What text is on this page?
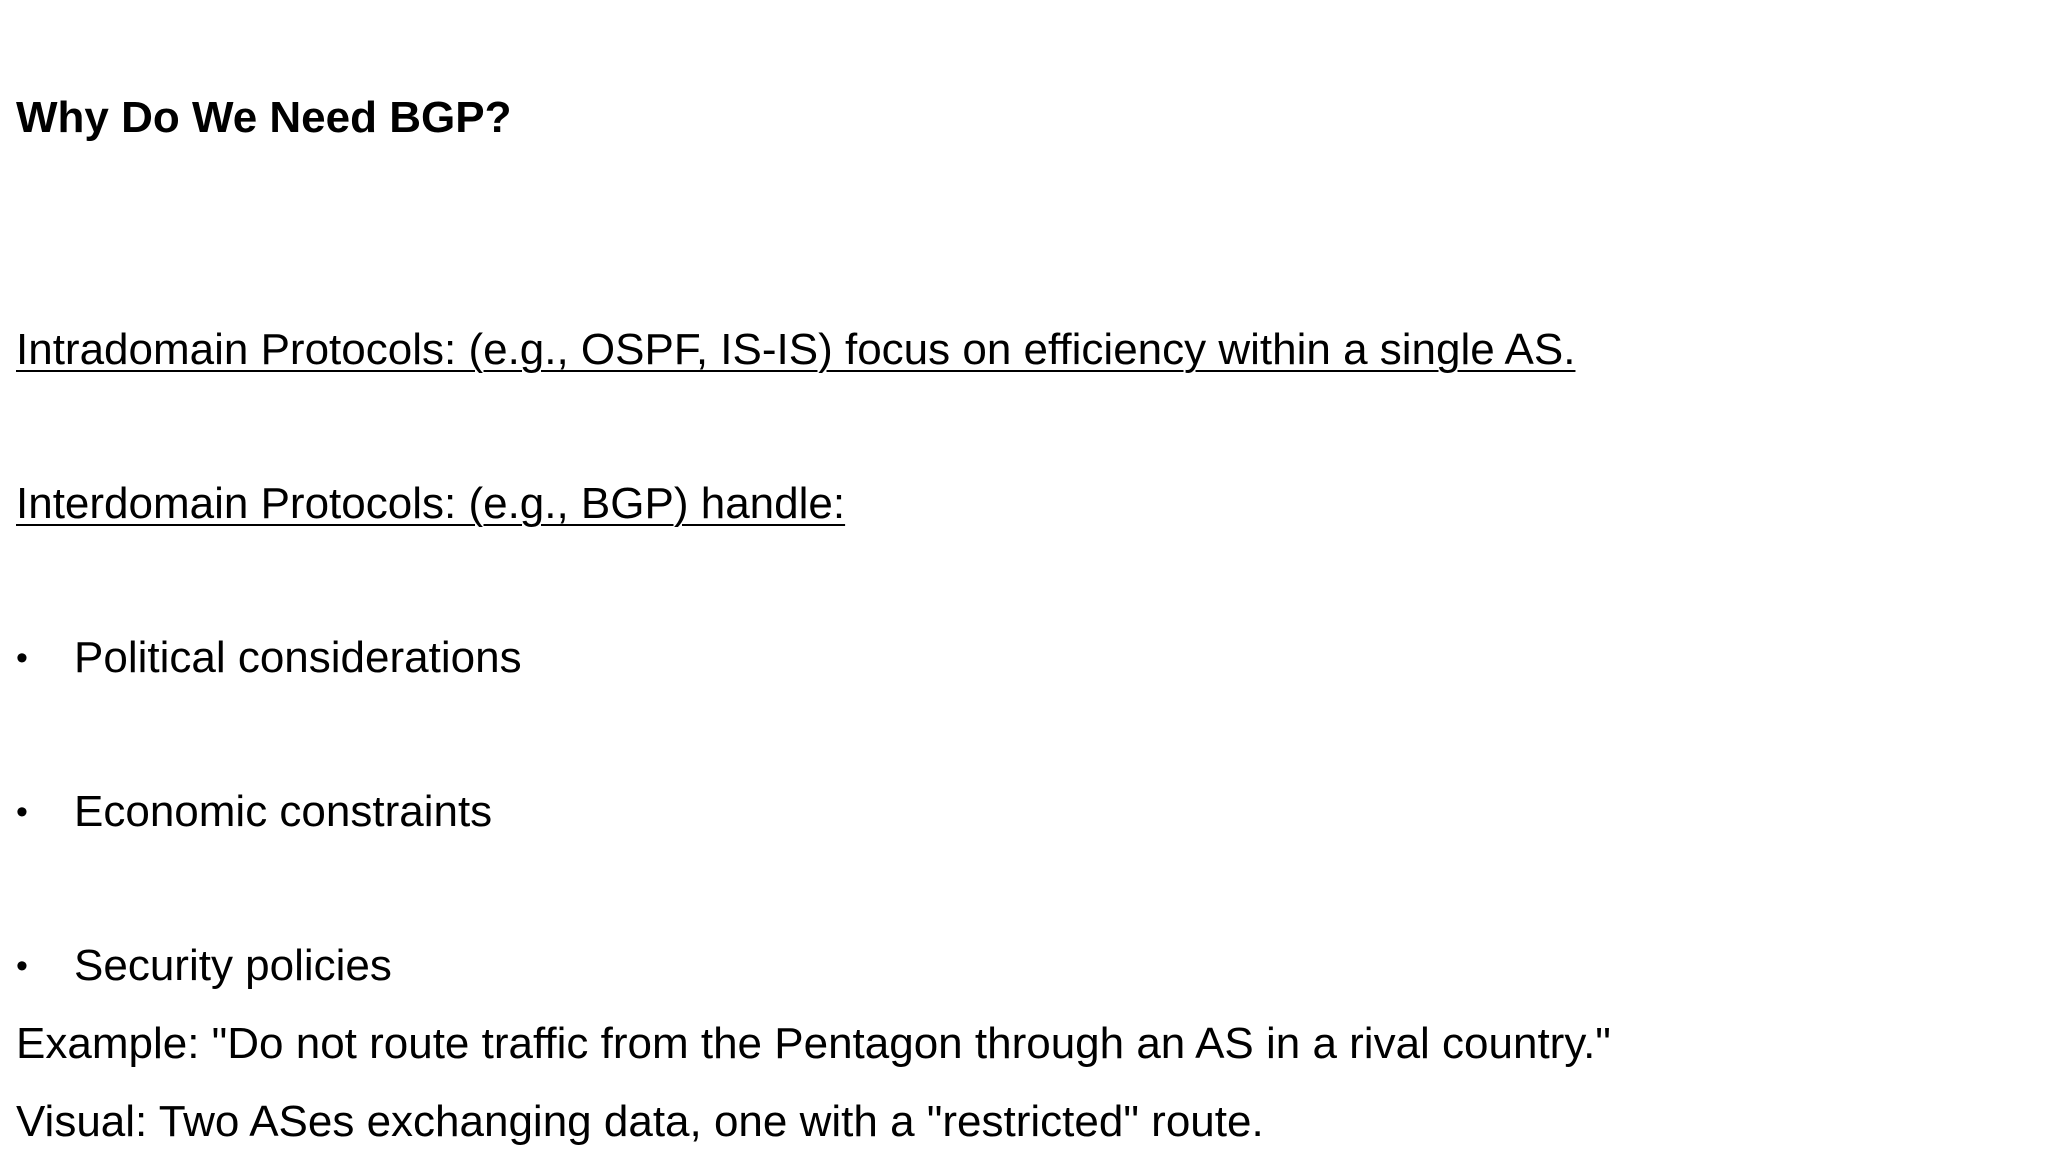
Why Do We Need BGP?
Intradomain Protocols: (e.g., OSPF, IS-IS) focus on efficiency within a single AS.
Interdomain Protocols: (e.g., BGP) handle:
•	Political considerations
•	Economic constraints
•	Security policies
Example: "Do not route traffic from the Pentagon through an AS in a rival country."
Visual: Two ASes exchanging data, one with a "restricted" route.
